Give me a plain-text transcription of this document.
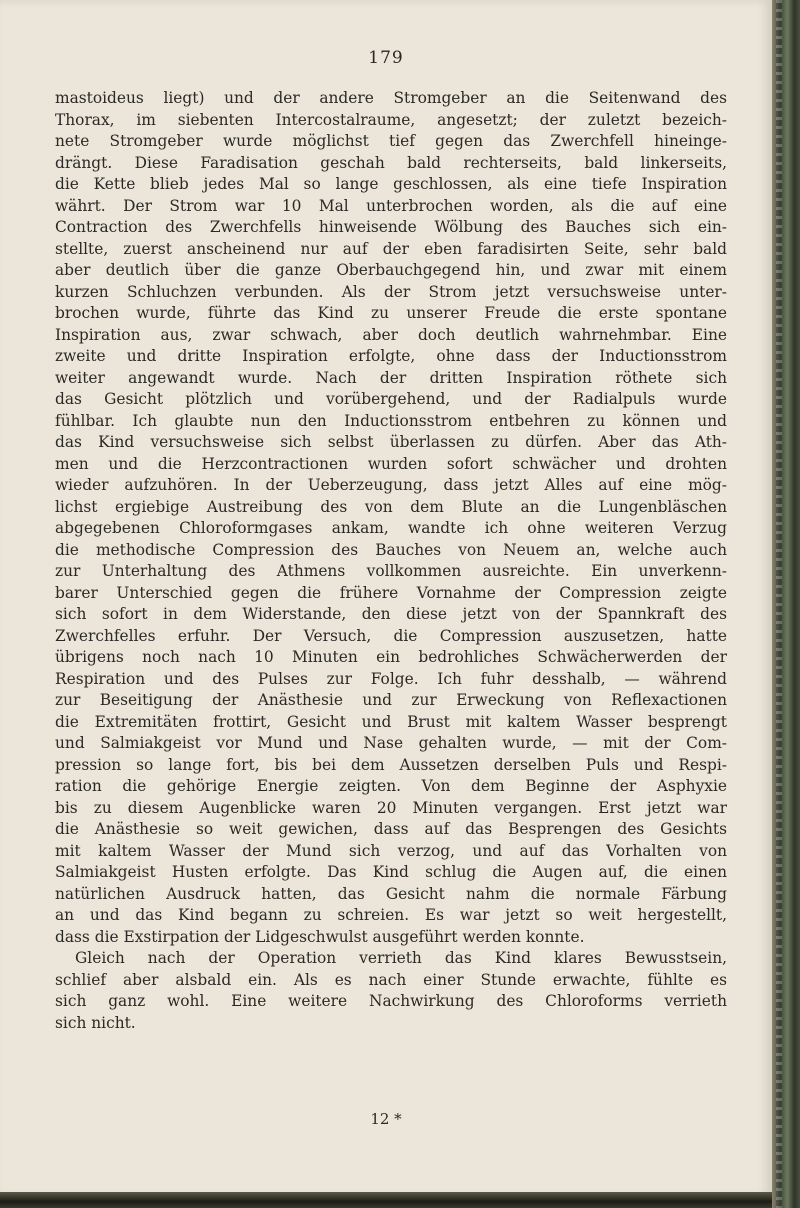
179

mastoideus liegt) und der andere Stromgeber an die Seitenwand des

Thorax, im siebenten Intercostalraume, angesetzt; der zuletzt bezeich-

nete Stromgeber wurde möglichst tief gegen das Zwerchfell hineinge-

drängt. Diese Faradisation geschah bald rechterseits, bald linkerseits,

die Kette blieb jedes Mal so lange geschlossen, als eine tiefe Inspiration

währt. Der Strom war 10 Mal unterbrochen worden, als die auf eine

Contraction des Zwerchfells hinweisende Wölbung des Bauches sich ein-

stellte, zuerst anscheinend nur auf der eben faradisirten Seite, sehr bald

aber deutlich über die ganze Oberbauchgegend hin, und zwar mit einem

kurzen Schluchzen verbunden. Als der Strom jetzt versuchsweise unter-

brochen wurde, führte das Kind zu unserer Freude die erste spontane

Inspiration aus, zwar schwach, aber doch deutlich wahrnehmbar. Eine

zweite und dritte Inspiration erfolgte, ohne dass der Inductionsstrom

weiter angewandt wurde. Nach der dritten Inspiration röthete sich

das Gesicht plötzlich und vorübergehend, und der Radialpuls wurde

fühlbar. Ich glaubte nun den Inductionsstrom entbehren zu können und

das Kind versuchsweise sich selbst überlassen zu dürfen. Aber das Ath-

men und die Herzcontractionen wurden sofort schwächer und drohten

wieder aufzuhören. In der Ueberzeugung, dass jetzt Alles auf eine mög-

lichst ergiebige Austreibung des von dem Blute an die Lungenbläschen

abgegebenen Chloroformgases ankam, wandte ich ohne weiteren Verzug

die methodische Compression des Bauches von Neuem an, welche auch

zur Unterhaltung des Athmens vollkommen ausreichte. Ein unverkenn-

barer Unterschied gegen die frühere Vornahme der Compression zeigte

sich sofort in dem Widerstande, den diese jetzt von der Spannkraft des

Zwerchfelles erfuhr. Der Versuch, die Compression auszusetzen, hatte

übrigens noch nach 10 Minuten ein bedrohliches Schwächerwerden der

Respiration und des Pulses zur Folge. Ich fuhr desshalb, — während

zur Beseitigung der Anästhesie und zur Erweckung von Reflexactionen

die Extremitäten frottirt, Gesicht und Brust mit kaltem Wasser besprengt

und Salmiakgeist vor Mund und Nase gehalten wurde, — mit der Com-

pression so lange fort, bis bei dem Aussetzen derselben Puls und Respi-

ration die gehörige Energie zeigten. Von dem Beginne der Asphyxie

bis zu diesem Augenblicke waren 20 Minuten vergangen. Erst jetzt war

die Anästhesie so weit gewichen, dass auf das Besprengen des Gesichts

mit kaltem Wasser der Mund sich verzog, und auf das Vorhalten von

Salmiakgeist Husten erfolgte. Das Kind schlug die Augen auf, die einen

natürlichen Ausdruck hatten, das Gesicht nahm die normale Färbung

an und das Kind begann zu schreien. Es war jetzt so weit hergestellt,

dass die Exstirpation der Lidgeschwulst ausgeführt werden konnte.

Gleich nach der Operation verrieth das Kind klares Bewusstsein,

schlief aber alsbald ein. Als es nach einer Stunde erwachte, fühlte es

sich ganz wohl. Eine weitere Nachwirkung des Chloroforms verrieth

sich nicht.

12 *
